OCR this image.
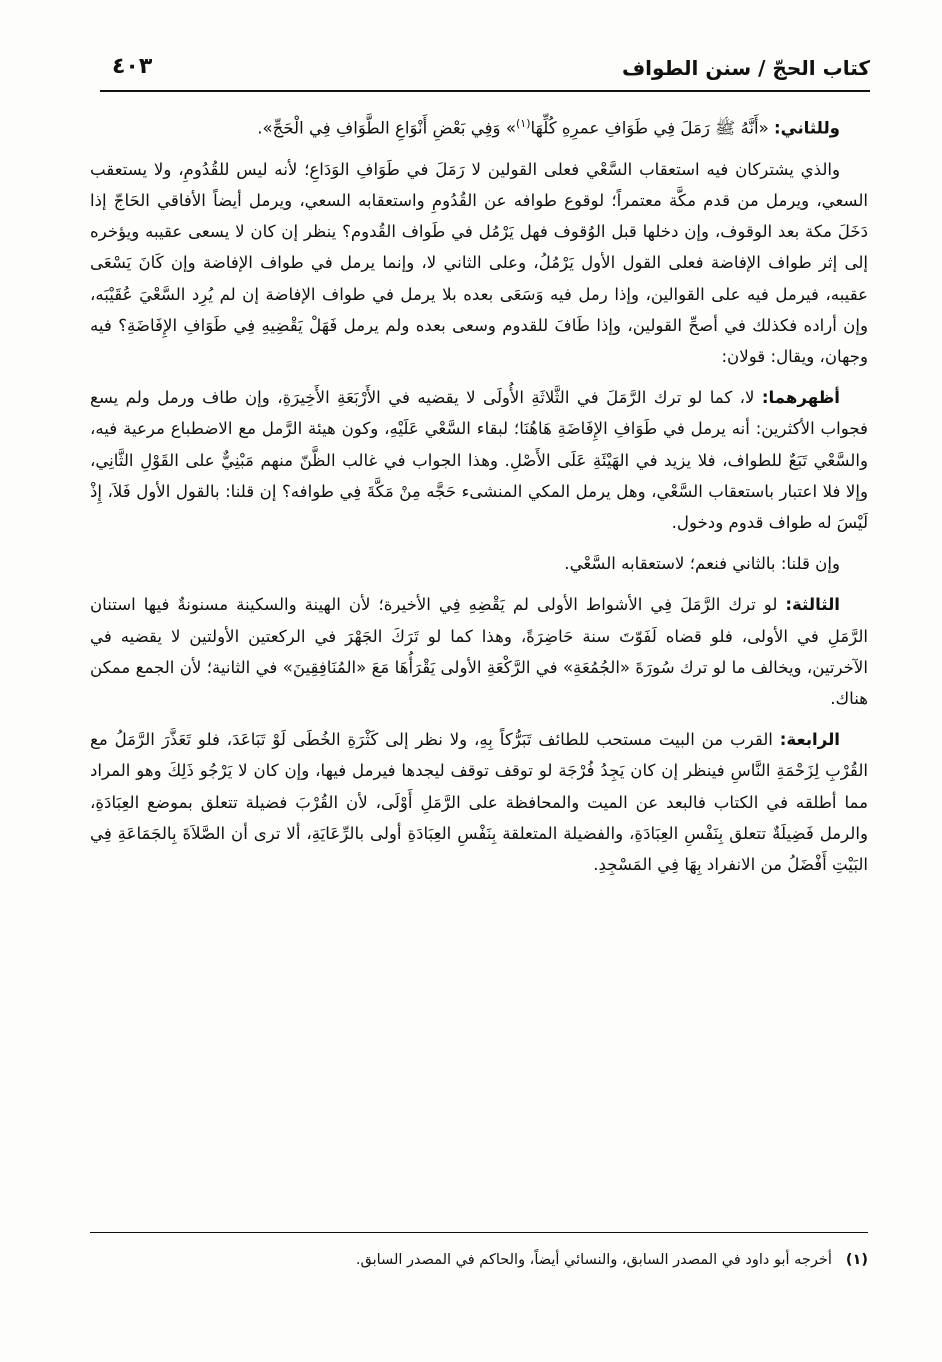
كتاب الحجّ / سنن الطواف
٤٠٣

وللثاني: «أَنَّهُ ﷺ رَمَلَ فِي طَوَافِ عمرِهِ كُلِّهَا$^{(١)}$» وَفِي بَعْضِ أَنْوَاعِ الطَّوَافِ فِي الْحَجِّ».

والذي يشتركان فيه استعقاب السَّعْي فعلى القولين لا رَمَلَ في طَوَافِ الوَدَاعِ؛ لأنه ليس للقُدُومِ، ولا يستعقب السعي، ويرمل من قدم مكَّة معتمراً؛ لوقوع طوافه عن القُدُومِ واستعقابه السعي، ويرمل أيضاً الأفاقي الحَاجّ إذا دَخَلَ مكة بعد الوقوف، وإن دخلها قبل الوُقوف فهل يَرْمُل في طَواف القُدوم؟ ينظر إن كان لا يسعى عقيبه ويؤخره إلى إثر طواف الإفاضة فعلى القول الأول يَرْمُلُ، وعلى الثاني لا، وإنما يرمل في طواف الإفاضة وإن كَانَ يَسْعَى عقيبه، فيرمل فيه على القوالين، وإذا رمل فيه وَسَعَى بعده بلا يرمل في طواف الإفاضة إن لم يُرِد السَّعْيَ عُقَيْبَه، وإن أراده فكذلك في أصحِّ القولين، وإذا طَافَ للقدوم وسعى بعده ولم يرمل فَهَلْ يَقْضِيهِ فِي طَوَافِ الإِفَاضَةِ؟ فيه وجهان، ويقال: قولان:

أظهرهما: لا، كما لو ترك الرَّمَلَ في الثَّلاثَةِ الأُولَى لا يقضيه في الأَرْبَعَةِ الأَخِيرَةِ، وإن طاف ورمل ولم يسع فجواب الأكثرين: أنه يرمل في طَوَافِ الإِفَاضَةِ هَاهُنَا؛ لبقاء السَّعْي عَلَيْهِ، وكون هيئة الرَّمل مع الاضطباع مرعية فيه، والسَّعْي تَبَعٌ للطواف، فلا يزيد في الهَيْئَةِ عَلَى الأَصْلِ. وهذا الجواب في غالب الظَّنّ منهم مَبْنِيٌّ على القَوْلِ الثَّانِي، وإلا فلا اعتبار باستعقاب السَّعْي، وهل يرمل المكي المنشىء حَجَّه مِنْ مَكَّةَ فِي طوافه؟ إن قلنا: بالقول الأول فَلاَ، إِذْ لَيْسَ له طواف قدوم ودخول.

وإن قلنا: بالثاني فنعم؛ لاستعقابه السَّعْي.

الثالثة: لو ترك الرَّمَلَ فِي الأشواط الأولى لم يَقْضِهِ فِي الأخيرة؛ لأن الهينة والسكينة مسنونةٌ فيها استنان الرَّمَلِ في الأولى، فلو قضاه لَفَوّتَ سنة حَاضِرَةً، وهذا كما لو تَرَكَ الجَهْرَ في الركعتين الأولتين لا يقضيه في الآخرتين، ويخالف ما لو ترك سُورَةَ «الجُمُعَةِ» في الرَّكْعَةِ الأولى يَقْرَأُهَا مَعَ «المُنَافِقِينَ» في الثانية؛ لأن الجمع ممكن هناك.

الرابعة: القرب من البيت مستحب للطائف تَبَرُّكاً بِهِ، ولا نظر إلى كَثْرَةِ الخُطَى لَوْ تَبَاعَدَ، فلو تَعَذَّرَ الرَّمَلُ مع القُرْبِ لِزَحْمَةِ النَّاسِ فينظر إن كان يَجِدُ فُرْجَة لو توقف توقف ليجدها فيرمل فيها، وإن كان لا يَرْجُو ذَلِكَ وهو المراد مما أطلقه في الكتاب فالبعد عن الميت والمحافظة على الرَّمَلِ أَوْلَى، لأن القُرْبَ فضيلة تتعلق بموضع العِبَادَةِ، والرمل فَضِيلَةٌ تتعلق بِنَفْسِ العِبَادَةِ، والفضيلة المتعلقة بِنَفْسِ العِبَادَةِ أولى بالرِّعَايَةِ، ألا ترى أن الصَّلاَةَ بِالجَمَاعَةِ فِي البَيْتِ أَفْضَلُ من الانفراد بِهَا فِي المَسْجِدِ.

(١)أخرجه أبو داود في المصدر السابق، والنسائي أيضاً، والحاكم في المصدر السابق.
